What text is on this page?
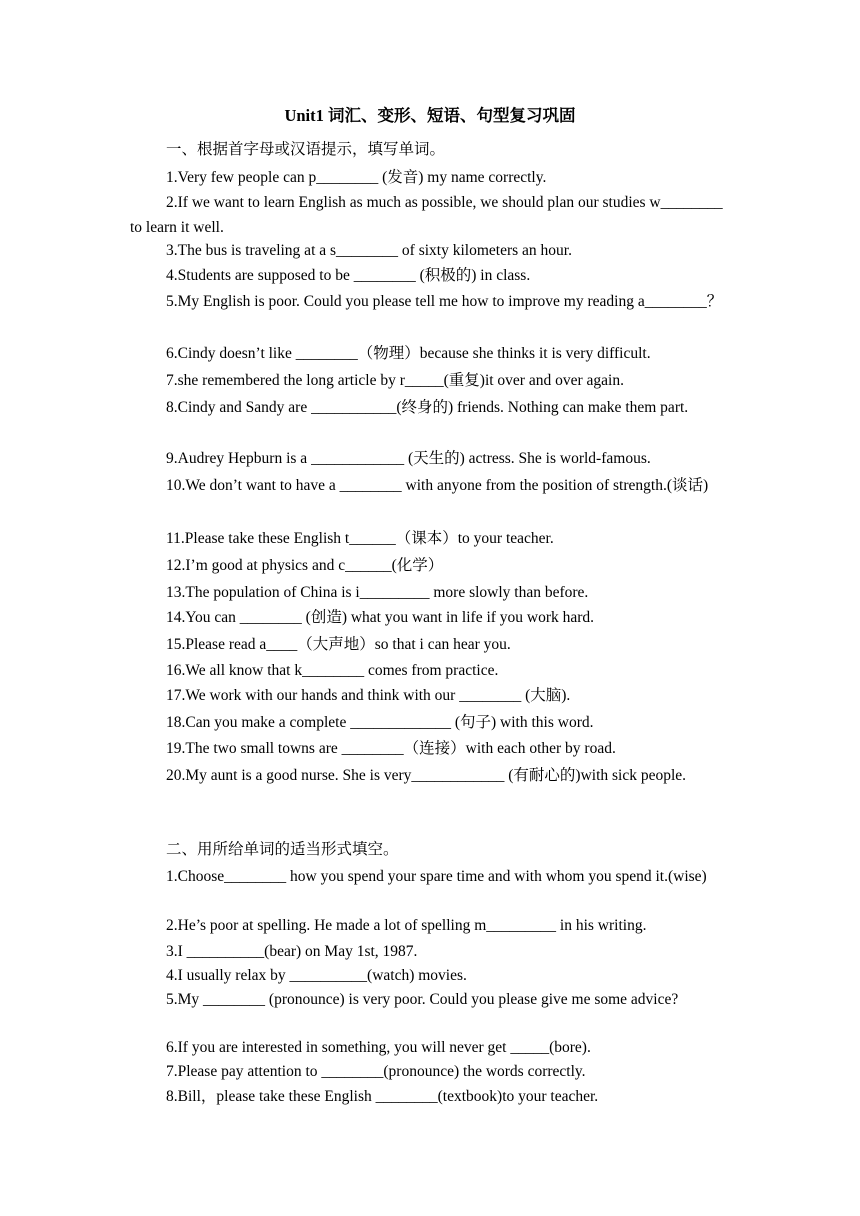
Unit1 词汇、变形、短语、句型复习巩固
一、根据首字母或汉语提示，填写单词。
1.Very few people can p________ (发音) my name correctly.
2.If we want to learn English as much as possible, we should plan our studies w________ to learn it well.
3.The bus is traveling at a s________ of sixty kilometers an hour.
4.Students are supposed to be ________ (积极的) in class.
5.My English is poor. Could you please tell me how to improve my reading a________？
6.Cindy doesn’t like ________（物理）because she thinks it is very difficult.
7.she remembered the long article by r_____(重复)it over and over again.
8.Cindy and Sandy are ___________(终身的) friends. Nothing can make them part.
9.Audrey Hepburn is a ____________ (天生的) actress. She is world-famous.
10.We don’t want to have a ________ with anyone from the position of strength.(谈话)
11.Please take these English t______（课本）to your teacher.
12.I’m good at physics and c______(化学）
13.The population of China is i_________ more slowly than before.
14.You can ________ (创造) what you want in life if you work hard.
15.Please read a____（大声地）so that i can hear you.
16.We all know that k________ comes from practice.
17.We work with our hands and think with our ________ (大脑).
18.Can you make a complete _____________ (句子) with this word.
19.The two small towns are ________（连接）with each other by road.
20.My aunt is a good nurse. She is very____________ (有耐心的)with sick people.
二、用所给单词的适当形式填空。
1.Choose________ how you spend your spare time and with whom you spend it.(wise)
2.He’s poor at spelling. He made a lot of spelling m_________ in his writing.
3.I __________(bear) on May 1st, 1987.
4.I usually relax by __________(watch) movies.
5.My ________ (pronounce) is very poor. Could you please give me some advice?
6.If you are interested in something, you will never get _____(bore).
7.Please pay attention to ________(pronounce) the words correctly.
8.Bill，please take these English ________(textbook)to your teacher.
